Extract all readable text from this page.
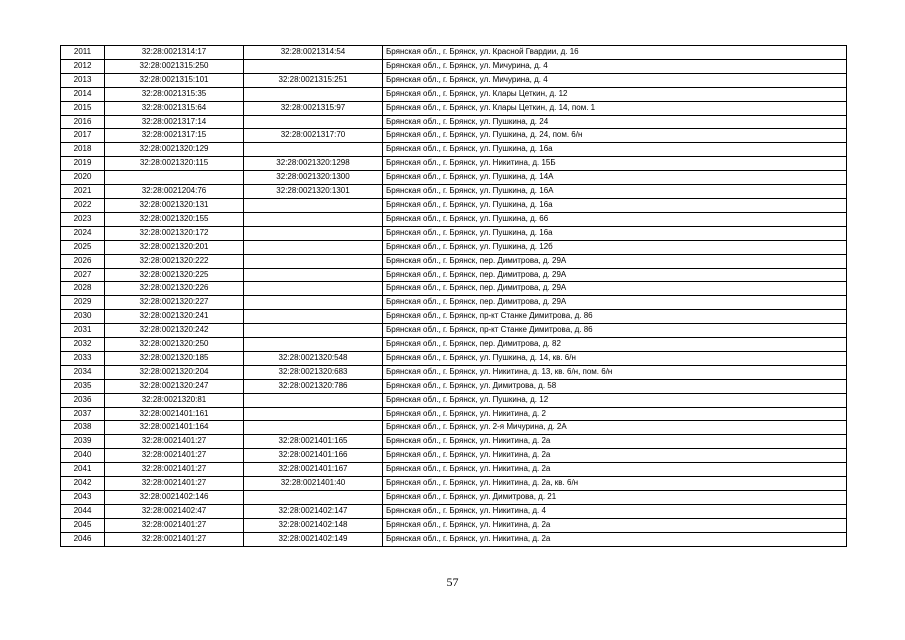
2011	32:28:0021314:17	32:28:0021314:54	Брянская обл., г. Брянск, ул. Красной Гвардии, д. 16
2012	32:28:0021315:250		Брянская обл., г. Брянск, ул. Мичурина, д. 4
2013	32:28:0021315:101	32:28:0021315:251	Брянская обл., г. Брянск, ул. Мичурина, д. 4
2014	32:28:0021315:35		Брянская обл., г. Брянск, ул. Клары Цеткин, д. 12
2015	32:28:0021315:64	32:28:0021315:97	Брянская обл., г. Брянск, ул. Клары Цеткин, д. 14, пом. 1
2016	32:28:0021317:14		Брянская обл., г. Брянск, ул. Пушкина, д. 24
2017	32:28:0021317:15	32:28:0021317:70	Брянская обл., г. Брянск, ул. Пушкина, д. 24, пом. 6/н
2018	32:28:0021320:129		Брянская обл., г. Брянск, ул. Пушкина, д. 16а
2019	32:28:0021320:115	32:28:0021320:1298	Брянская обл., г. Брянск, ул. Никитина, д. 15Б
2020		32:28:0021320:1300	Брянская обл., г. Брянск, ул. Пушкина, д. 14А
2021	32:28:0021204:76	32:28:0021320:1301	Брянская обл., г. Брянск, ул. Пушкина, д. 16А
2022	32:28:0021320:131		Брянская обл., г. Брянск, ул. Пушкина, д. 16а
2023	32:28:0021320:155		Брянская обл., г. Брянск, ул. Пушкина, д. 66
2024	32:28:0021320:172		Брянская обл., г. Брянск, ул. Пушкина, д. 16а
2025	32:28:0021320:201		Брянская обл., г. Брянск, ул. Пушкина, д. 12б
2026	32:28:0021320:222		Брянская обл., г. Брянск, пер. Димитрова, д. 29А
2027	32:28:0021320:225		Брянская обл., г. Брянск, пер. Димитрова, д. 29А
2028	32:28:0021320:226		Брянская обл., г. Брянск, пер. Димитрова, д. 29А
2029	32:28:0021320:227		Брянская обл., г. Брянск, пер. Димитрова, д. 29А
2030	32:28:0021320:241		Брянская обл., г. Брянск, пр-кт Станке Димитрова, д. 86
2031	32:28:0021320:242		Брянская обл., г. Брянск, пр-кт Станке Димитрова, д. 86
2032	32:28:0021320:250		Брянская обл., г. Брянск, пер. Димитрова, д. 82
2033	32:28:0021320:185	32:28:0021320:548	Брянская обл., г. Брянск, ул. Пушкина, д. 14, кв. 6/н
2034	32:28:0021320:204	32:28:0021320:683	Брянская обл., г. Брянск, ул. Никитина, д. 13, кв. 6/н, пом. 6/н
2035	32:28:0021320:247	32:28:0021320:786	Брянская обл., г. Брянск, ул. Димитрова, д. 58
2036	32:28:0021320:81		Брянская обл., г. Брянск, ул. Пушкина, д. 12
2037	32:28:0021401:161		Брянская обл., г. Брянск, ул. Никитина, д. 2
2038	32:28:0021401:164		Брянская обл., г. Брянск, ул. 2-я Мичурина, д. 2А
2039	32:28:0021401:27	32:28:0021401:165	Брянская обл., г. Брянск, ул. Никитина, д. 2а
2040	32:28:0021401:27	32:28:0021401:166	Брянская обл., г. Брянск, ул. Никитина, д. 2а
2041	32:28:0021401:27	32:28:0021401:167	Брянская обл., г. Брянск, ул. Никитина, д. 2а
2042	32:28:0021401:27	32:28:0021401:40	Брянская обл., г. Брянск, ул. Никитина, д. 2а, кв. 6/н
2043	32:28:0021402:146		Брянская обл., г. Брянск, ул. Димитрова, д. 21
2044	32:28:0021402:47	32:28:0021402:147	Брянская обл., г. Брянск, ул. Никитина, д. 4
2045	32:28:0021401:27	32:28:0021402:148	Брянская обл., г. Брянск, ул. Никитина, д. 2а
2046	32:28:0021401:27	32:28:0021402:149	Брянская обл., г. Брянск, ул. Никитина, д. 2а
57
